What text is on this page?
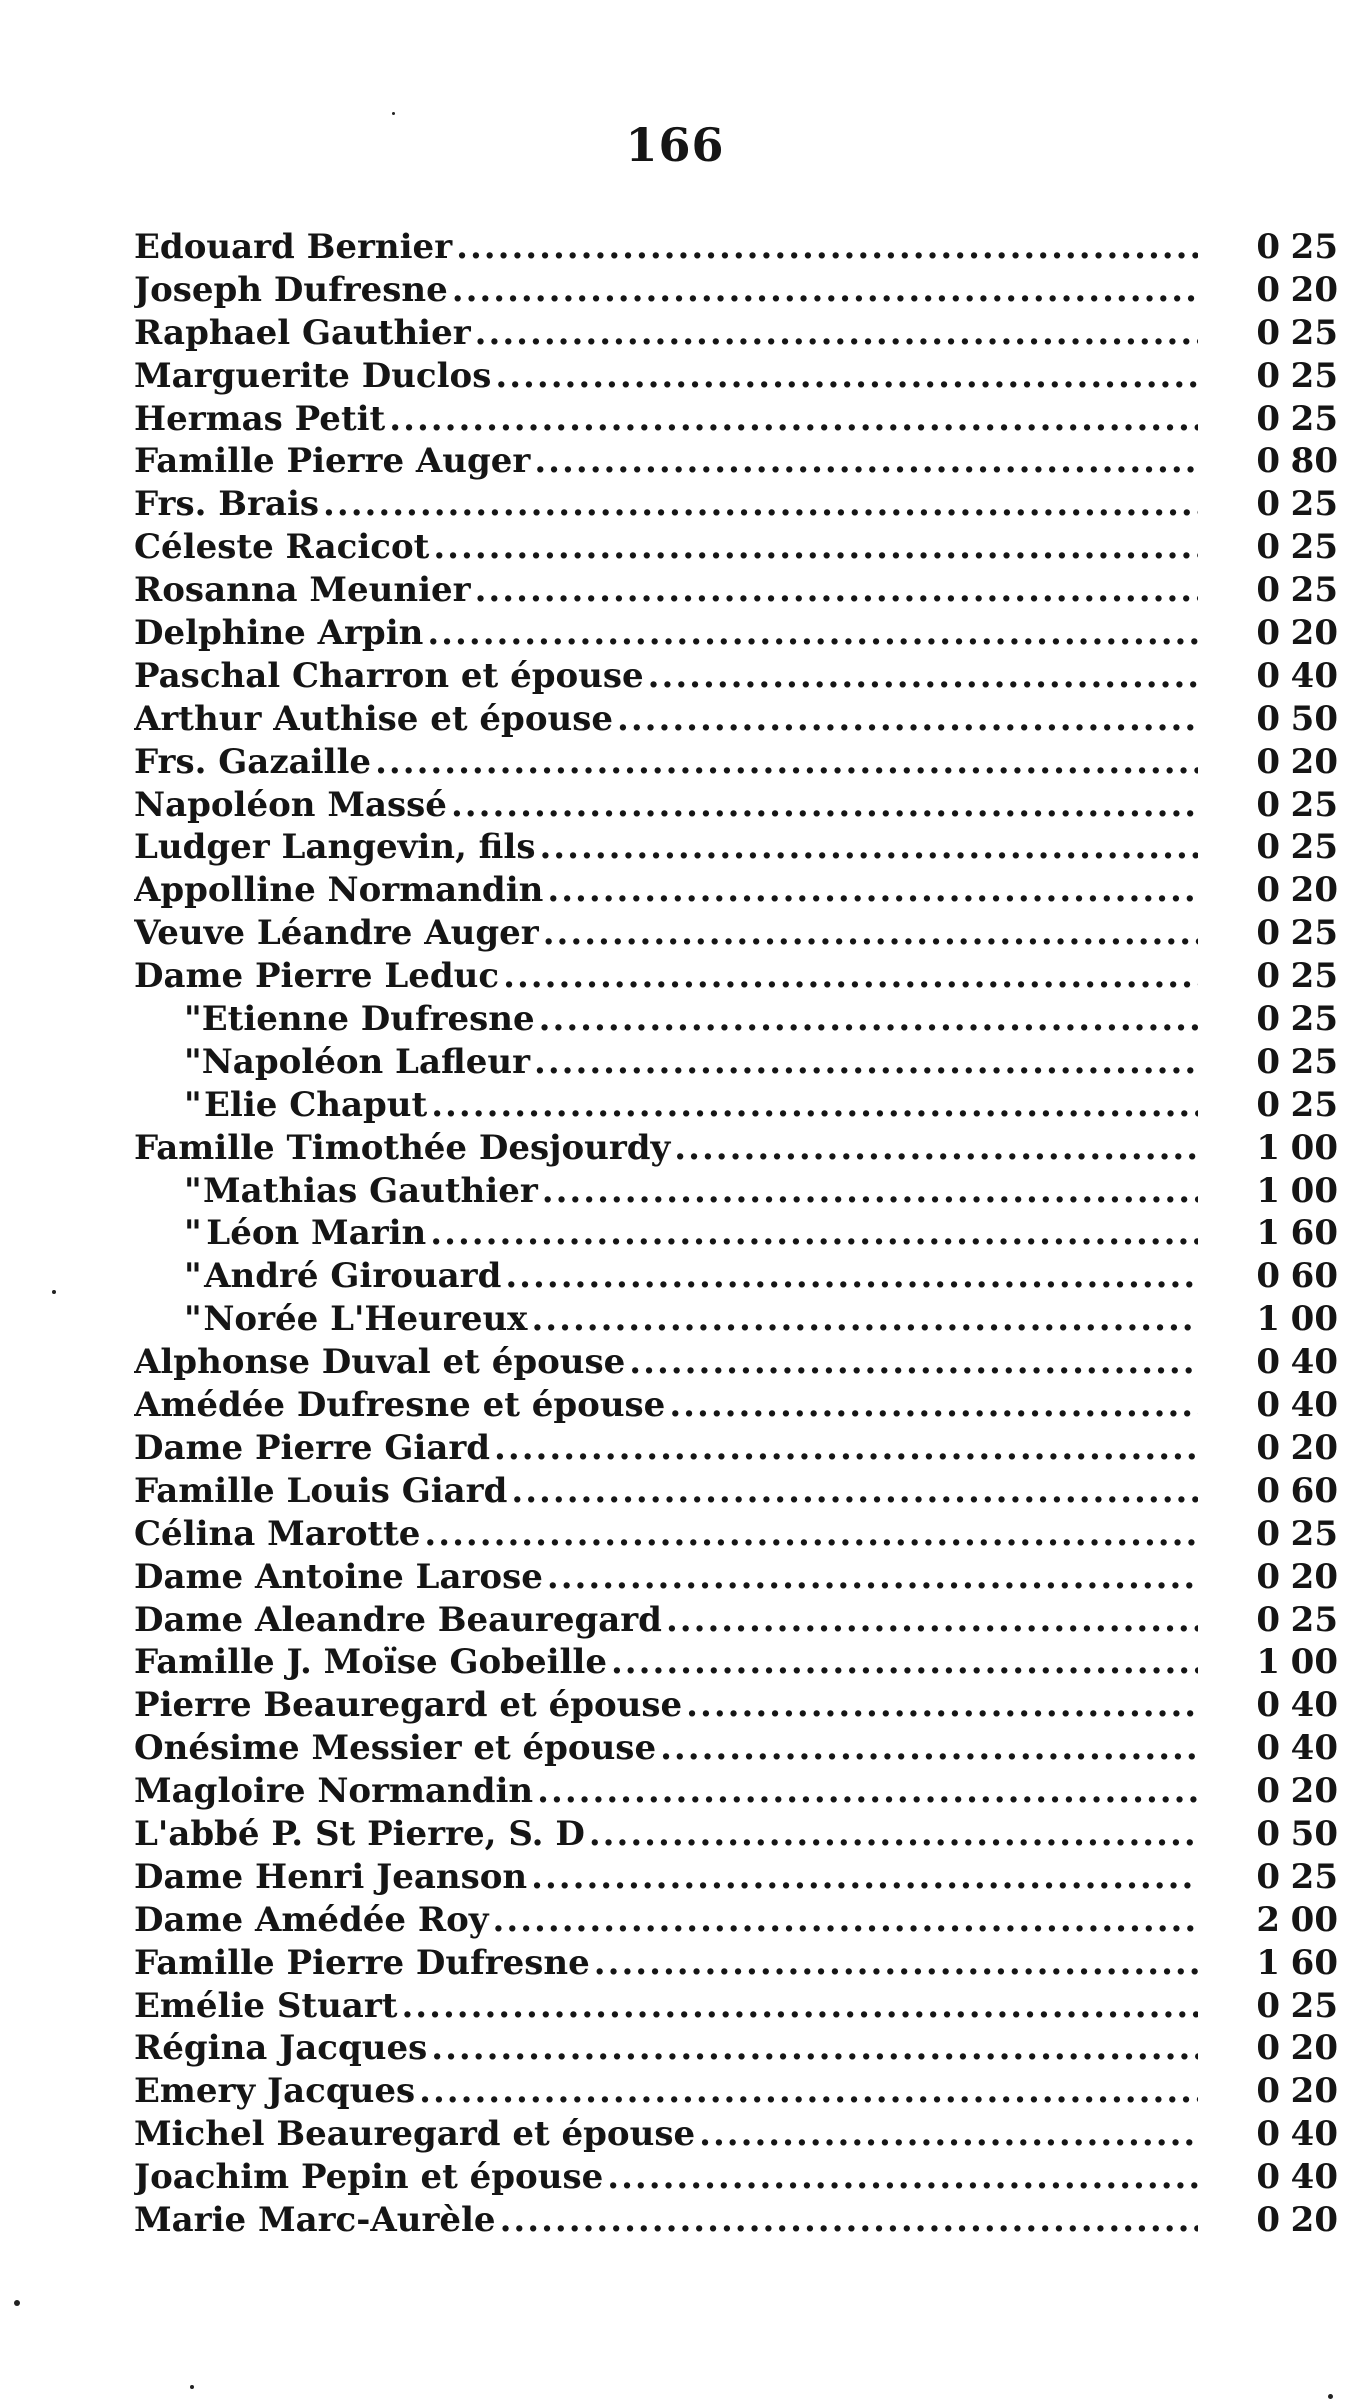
166
Edouard Bernier .....	0 25
Joseph Dufresne .....	0 20
Raphael Gauthier .....	0 25
Marguerite Duclos .....	0 25
Hermas Petit .....	0 25
Famille Pierre Auger .....	0 80
Frs. Brais .....	0 25
Céleste Racicot .....	0 25
Rosanna Meunier .....	0 25
Delphine Arpin .....	0 20
Paschal Charron et épouse .....	0 40
Arthur Authise et épouse .....	0 50
Frs. Gazaille .....	0 20
Napoléon Massé .....	0 25
Ludger Langevin, fils .....	0 25
Appolline Normandin .....	0 20
Veuve Léandre Auger .....	0 25
Dame Pierre Leduc .....	0 25
" Etienne Dufresne .....	0 25
" Napoléon Lafleur .....	0 25
" Elie Chaput .....	0 25
Famille Timothée Desjourdy .....	1 00
" Mathias Gauthier .....	1 00
" Léon Marin .....	1 60
" André Girouard .....	0 60
" Norée L'Heureux .....	1 00
Alphonse Duval et épouse .....	0 40
Amédée Dufresne et épouse .....	0 40
Dame Pierre Giard .....	0 20
Famille Louis Giard .....	0 60
Célina Marotte .....	0 25
Dame Antoine Larose .....	0 20
Dame Aleandre Beauregard .....	0 25
Famille J. Moïse Gobeille .....	1 00
Pierre Beauregard et épouse .....	0 40
Onésime Messier et épouse .....	0 40
Magloire Normandin .....	0 20
L'abbé P. St Pierre, S. D .....	0 50
Dame Henri Jeanson .....	0 25
Dame Amédée Roy .....	2 00
Famille Pierre Dufresne .....	1 60
Emélie Stuart .....	0 25
Régina Jacques .....	0 20
Emery Jacques .....	0 20
Michel Beauregard et épouse .....	0 40
Joachim Pepin et épouse .....	0 40
Marie Marc-Aurèle .....	0 20
